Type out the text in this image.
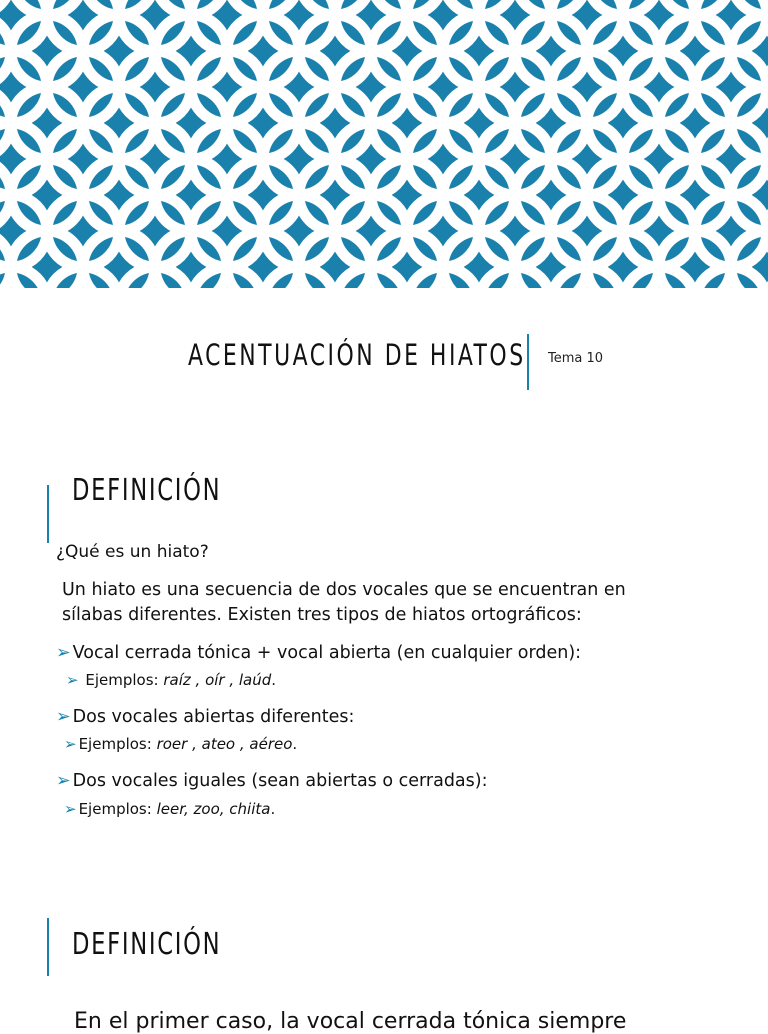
ACENTUACIÓN DE HIATOS Tema 10
DEFINICIÓN
¿Qué es un hiato?
Un hiato es una secuencia de dos vocales que se encuentran en
sílabas diferentes. Existen tres tipos de hiatos ortográficos:
➢ Vocal cerrada tónica + vocal abierta (en cualquier orden):
➢ Ejemplos: raíz , oír , laúd.
➢ Dos vocales abiertas diferentes:
➢ Ejemplos: roer , ateo , aéreo.
➢ Dos vocales iguales (sean abiertas o cerradas):
➢ Ejemplos: leer, zoo, chiita.
DEFINICIÓN
En el primer caso, la vocal cerrada tónica siempre
